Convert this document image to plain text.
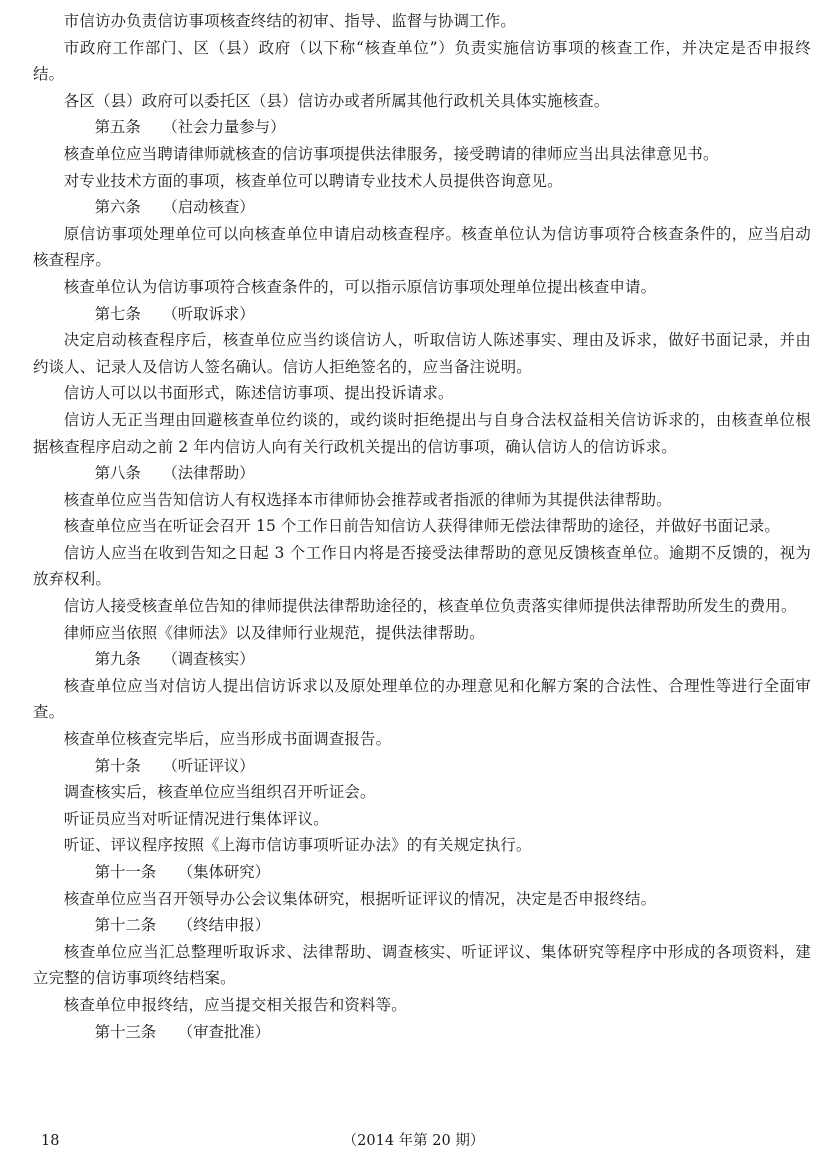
市信访办负责信访事项核查终结的初审、指导、监督与协调工作。

市政府工作部门、区（县）政府（以下称“核查单位”）负责实施信访事项的核查工作，并决定是否申报终结。

各区（县）政府可以委托区（县）信访办或者所属其他行政机关具体实施核查。

第五条 （社会力量参与）

核查单位应当聘请律师就核查的信访事项提供法律服务，接受聘请的律师应当出具法律意见书。

对专业技术方面的事项，核查单位可以聘请专业技术人员提供咨询意见。

第六条 （启动核查）

原信访事项处理单位可以向核查单位申请启动核查程序。核查单位认为信访事项符合核查条件的，应当启动核查程序。

核查单位认为信访事项符合核查条件的，可以指示原信访事项处理单位提出核查申请。

第七条 （听取诉求）

决定启动核查程序后，核查单位应当约谈信访人，听取信访人陈述事实、理由及诉求，做好书面记录，并由约谈人、记录人及信访人签名确认。信访人拒绝签名的，应当备注说明。

信访人可以以书面形式，陈述信访事项、提出投诉请求。

信访人无正当理由回避核查单位约谈的，或约谈时拒绝提出与自身合法权益相关信访诉求的，由核查单位根据核查程序启动之前 2 年内信访人向有关行政机关提出的信访事项，确认信访人的信访诉求。

第八条 （法律帮助）

核查单位应当告知信访人有权选择本市律师协会推荐或者指派的律师为其提供法律帮助。

核查单位应当在听证会召开 15 个工作日前告知信访人获得律师无偿法律帮助的途径，并做好书面记录。

信访人应当在收到告知之日起 3 个工作日内将是否接受法律帮助的意见反馈核查单位。逾期不反馈的，视为放弃权利。

信访人接受核查单位告知的律师提供法律帮助途径的，核查单位负责落实律师提供法律帮助所发生的费用。

律师应当依照《律师法》以及律师行业规范，提供法律帮助。

第九条 （调查核实）

核查单位应当对信访人提出信访诉求以及原处理单位的办理意见和化解方案的合法性、合理性等进行全面审查。

核查单位核查完毕后，应当形成书面调查报告。

第十条 （听证评议）

调查核实后，核查单位应当组织召开听证会。

听证员应当对听证情况进行集体评议。

听证、评议程序按照《上海市信访事项听证办法》的有关规定执行。

第十一条 （集体研究）

核查单位应当召开领导办公会议集体研究，根据听证评议的情况，决定是否申报终结。

第十二条 （终结申报）

核查单位应当汇总整理听取诉求、法律帮助、调查核实、听证评议、集体研究等程序中形成的各项资料，建立完整的信访事项终结档案。

核查单位申报终结，应当提交相关报告和资料等。

第十三条 （审查批准）

18	（2014 年第 20 期）
